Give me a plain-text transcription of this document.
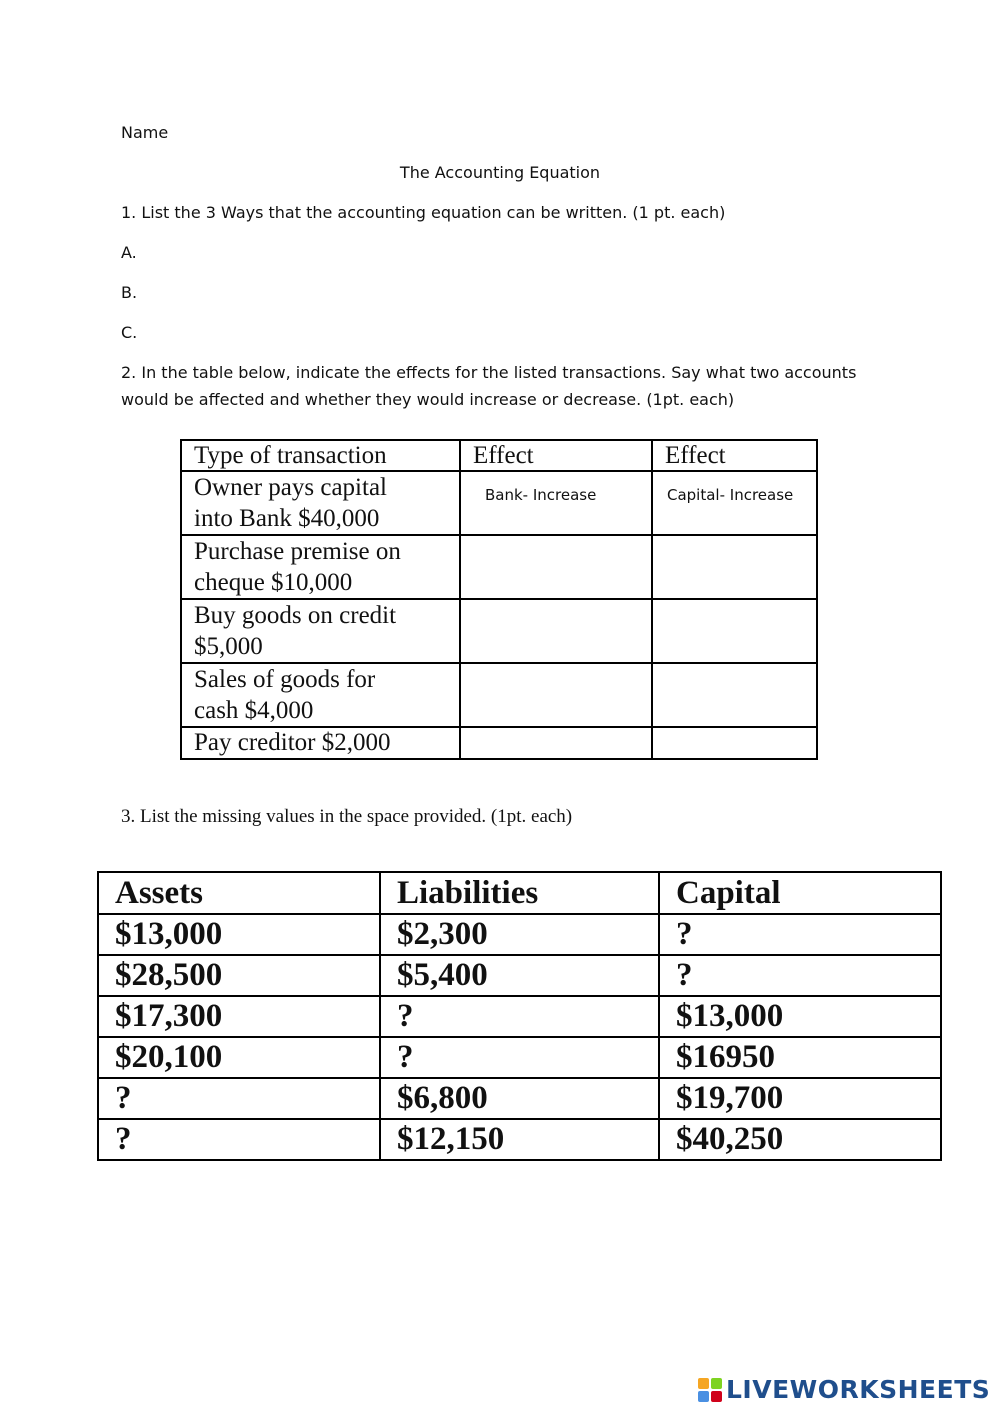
Name
The Accounting Equation
1. List the 3 Ways that the accounting equation can be written. (1 pt. each)
A.
B.
C.
2. In the table below, indicate the effects for the listed transactions. Say what two accounts
would be affected and whether they would increase or decrease. (1pt. each)
Type of transaction	Effect	Effect

Owner pays capital
into Bank $40,000	Bank- Increase	Capital- Increase

Purchase premise on
cheque $10,000		

Buy goods on credit
$5,000		

Sales of goods for
cash $4,000		

Pay creditor $2,000		

3. List the missing values in the space provided. (1pt. each)
Assets	Liabilities	Capital
$13,000	$2,300	?
$28,500	$5,400	?
$17,300	?	$13,000
$20,100	?	$16950
?	$6,800	$19,700
?	$12,150	$40,250
LIVEWORKSHEETS
